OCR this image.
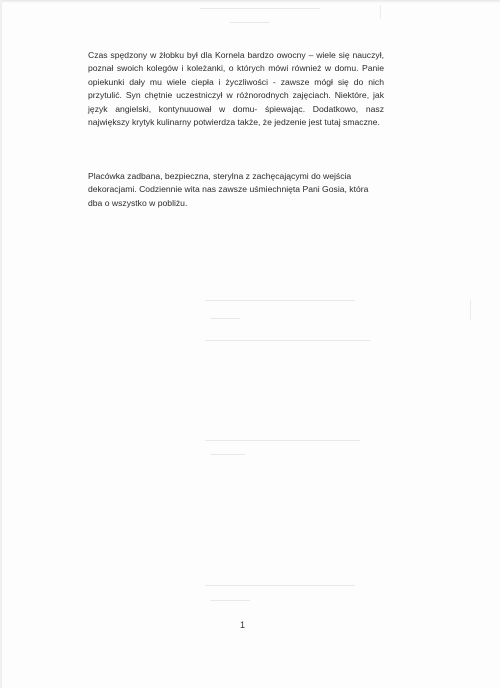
Czas spędzony w żłobku był dla Kornela bardzo owocny – wiele się nauczył, poznał swoich kolegów i koleżanki, o których mówi również w domu. Panie opiekunki dały mu wiele ciepła i życzliwości - zawsze mógł się do nich przytulić. Syn chętnie uczestniczył w różnorodnych zajęciach. Niektóre, jak język angielski, kontynuuował w domu- śpiewając. Dodatkowo, nasz największy krytyk kulinarny potwierdza także, że jedzenie jest tutaj smaczne.

Placówka zadbana, bezpieczna, sterylna z zachęcającymi do wejścia dekoracjami. Codziennie wita nas zawsze uśmiechnięta Pani Gosia, która dba o wszystko w pobliżu.

1
